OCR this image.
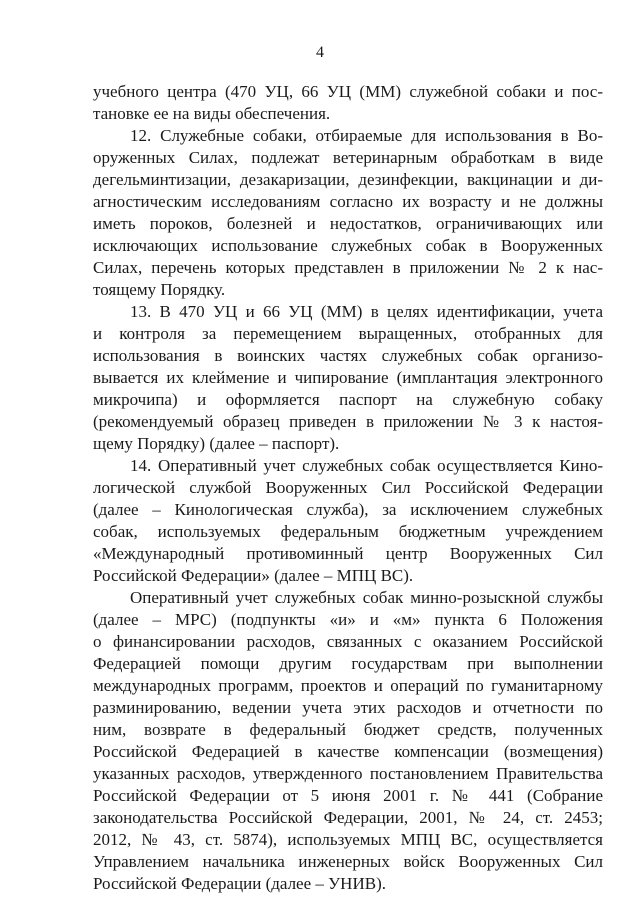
4
учебного центра (470 УЦ, 66 УЦ (ММ) служебной собаки и пос-
тановке ее на виды обеспечения.
12. Служебные собаки, отбираемые для использования в Во-
оруженных Силах, подлежат ветеринарным обработкам в виде
дегельминтизации, дезакаризации, дезинфекции, вакцинации и ди-
агностическим исследованиям согласно их возрасту и не должны
иметь пороков, болезней и недостатков, ограничивающих или
исключающих использование служебных собак в Вооруженных
Силах, перечень которых представлен в приложении № 2 к нас-
тоящему Порядку.
13. В 470 УЦ и 66 УЦ (ММ) в целях идентификации, учета
и контроля за перемещением выращенных, отобранных для
использования в воинских частях служебных собак организо-
вывается их клеймение и чипирование (имплантация электронного
микрочипа) и оформляется паспорт на служебную собаку
(рекомендуемый образец приведен в приложении № 3 к настоя-
щему Порядку) (далее – паспорт).
14. Оперативный учет служебных собак осуществляется Кино-
логической службой Вооруженных Сил Российской Федерации
(далее – Кинологическая служба), за исключением служебных
собак, используемых федеральным бюджетным учреждением
«Международный противоминный центр Вооруженных Сил
Российской Федерации» (далее – МПЦ ВС).
Оперативный учет служебных собак минно-розыскной службы
(далее – МРС) (подпункты «и» и «м» пункта 6 Положения
о финансировании расходов, связанных с оказанием Российской
Федерацией помощи другим государствам при выполнении
международных программ, проектов и операций по гуманитарному
разминированию, ведении учета этих расходов и отчетности по
ним, возврате в федеральный бюджет средств, полученных
Российской Федерацией в качестве компенсации (возмещения)
указанных расходов, утвержденного постановлением Правительства
Российской Федерации от 5 июня 2001 г. № 441 (Собрание
законодательства Российской Федерации, 2001, № 24, ст. 2453;
2012, № 43, ст. 5874), используемых МПЦ ВС, осуществляется
Управлением начальника инженерных войск Вооруженных Сил
Российской Федерации (далее – УНИВ).
